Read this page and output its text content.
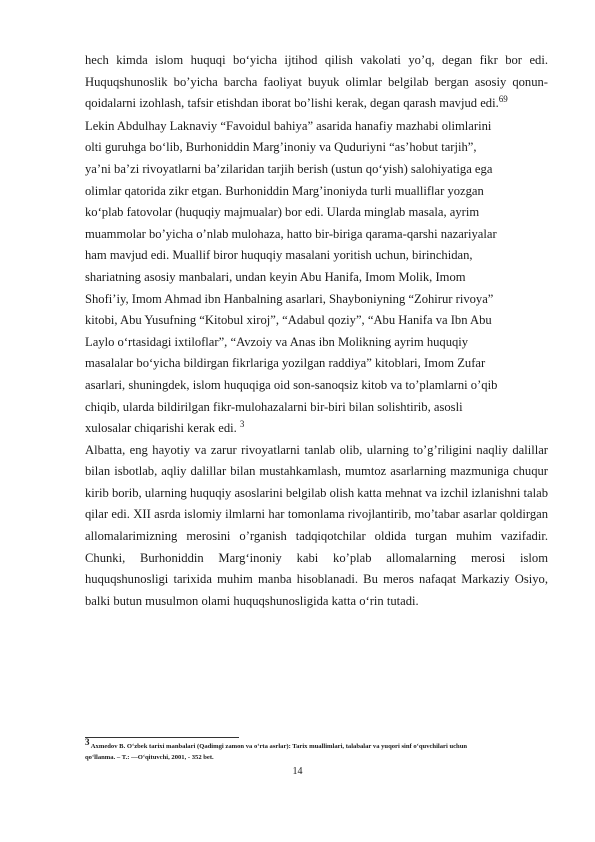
hech kimda islom huquqi bo‘yicha ijtihod qilish vakolati yo’q, degan fikr bor edi. Huquqshunoslik bo’yicha barcha faoliyat buyuk olimlar belgilab bergan asosiy qonun-qoidalarni izohlash, tafsir etishdan iborat bo’lishi kerak, degan qarash mavjud edi.$^{69}$

Lekin Abdulhay Laknaviy “Favoidul bahiya” asarida hanafiy mazhabi olimlarini
olti guruhga bo‘lib, Burhoniddin Marg’inoniy va Quduriyni “as’hobut tarjih”,
ya’ni ba’zi rivoyatlarni ba’zilaridan tarjih berish (ustun qo‘yish) salohiyatiga ega
olimlar qatorida zikr etgan. Burhoniddin Marg’inoniyda turli mualliflar yozgan
ko‘plab fatovolar (huquqiy majmualar) bor edi. Ularda minglab masala, ayrim
muammolar bo’yicha o’nlab mulohaza, hatto bir-biriga qarama-qarshi nazariyalar
ham mavjud edi. Muallif biror huquqiy masalani yoritish uchun, birinchidan,
shariatning asosiy manbalari, undan keyin Abu Hanifa, Imom Molik, Imom
Shofi’iy, Imom Ahmad ibn Hanbalning asarlari, Shayboniyning “Zohirur rivoya”
kitobi, Abu Yusufning “Kitobul xiroj”, “Adabul qoziy”, “Abu Hanifa va Ibn Abu
Laylo o‘rtasidagi ixtiloflar”, “Avzoiy va Anas ibn Molikning ayrim huquqiy
masalalar bo‘yicha bildirgan fikrlariga yozilgan raddiya” kitoblari, Imom Zufar
asarlari, shuningdek, islom huquqiga oid son-sanoqsiz kitob va to’plamlarni o’qib
chiqib, ularda bildirilgan fikr-mulohazalarni bir-biri bilan solishtirib, asosli
xulosalar chiqarishi kerak edi. $^3$

Albatta, eng hayotiy va zarur rivoyatlarni tanlab olib, ularning to’g’riligini naqliy dalillar bilan isbotlab, aqliy dalillar bilan mustahkamlash, mumtoz asarlarning mazmuniga chuqur kirib borib, ularning huquqiy asoslarini belgilab olish katta mehnat va izchil izlanishni talab qilar edi. XII asrda islomiy ilmlarni har tomonlama rivojlantirib, mo’tabar asarlar qoldirgan allomalarimizning merosini o’rganish tadqiqotchilar oldida turgan muhim vazifadir. Chunki, Burhoniddin Marg‘inoniy kabi ko’plab allomalarning merosi islom huquqshunosligi tarixida muhim manba hisoblanadi. Bu meros nafaqat Markaziy Osiyo, balki butun musulmon olami huquqshunosligida katta o‘rin tutadi.

3 Axmedov B. O‘zbek tarixi manbalari (Qadimgi zamon va o‘rta asrlar): Tarix muallimlari, talabalar va yuqori sinf o‘quvchilari uchun
qo‘llanma. – T.: —O‘qituvchi, 2001, - 352 bet.
14
